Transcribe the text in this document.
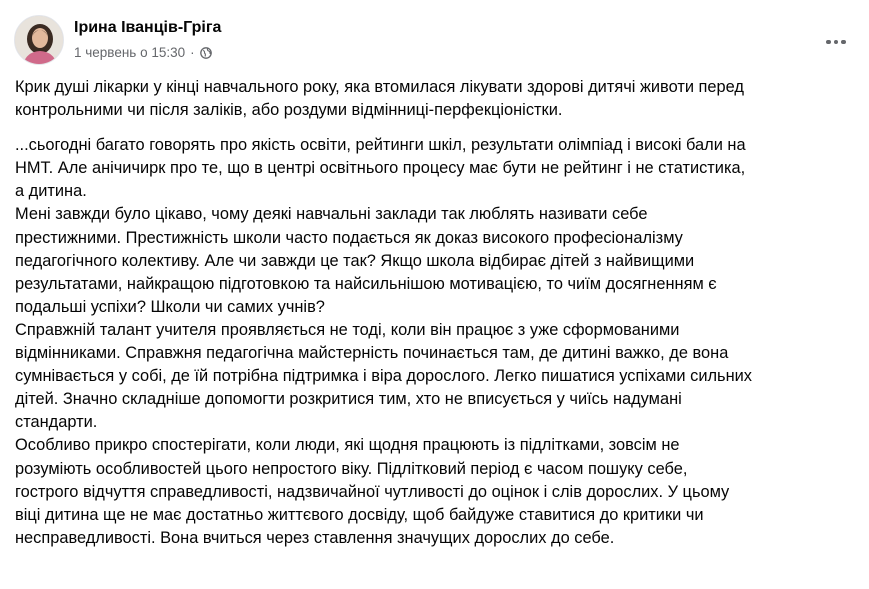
Ірина Іванців-Гріга
1 червень о 15:30 ·

Крик душі лікарки у кінці навчального року, яка втомилася лікувати здорові дитячі животи перед

контрольними чи після заліків, або роздуми відмінниці-перфекціоністки.

...сьогодні багато говорять про якість освіти, рейтинги шкіл, результати олімпіад і високі бали на

НМТ. Але анічичирк про те, що в центрі освітнього процесу має бути не рейтинг і не статистика,

а дитина.

Мені завжди було цікаво, чому деякі навчальні заклади так люблять називати себе

престижними. Престижність школи часто подається як доказ високого професіоналізму

педагогічного колективу. Але чи завжди це так? Якщо школа відбирає дітей з найвищими

результатами, найкращою підготовкою та найсильнішою мотивацією, то чиїм досягненням є

подальші успіхи? Школи чи самих учнів?

Справжній талант учителя проявляється не тоді, коли він працює з уже сформованими

відмінниками. Справжня педагогічна майстерність починається там, де дитині важко, де вона

сумнівається у собі, де їй потрібна підтримка і віра дорослого. Легко пишатися успіхами сильних

дітей. Значно складніше допомогти розкритися тим, хто не вписується у чиїсь надумані

стандарти.

Особливо прикро спостерігати, коли люди, які щодня працюють із підлітками, зовсім не

розуміють особливостей цього непростого віку. Підлітковий період є часом пошуку себе,

гострого відчуття справедливості, надзвичайної чутливості до оцінок і слів дорослих. У цьому

віці дитина ще не має достатньо життєвого досвіду, щоб байдуже ставитися до критики чи

несправедливості. Вона вчиться через ставлення значущих дорослих до себе.
